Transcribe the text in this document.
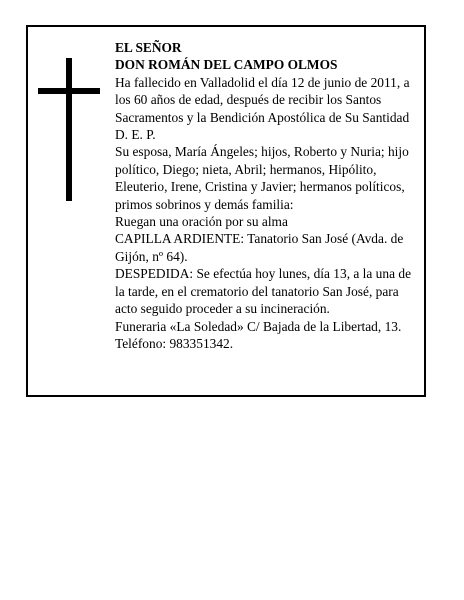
EL SEÑOR

DON ROMÁN DEL CAMPO OLMOS

Ha fallecido en Valladolid el día 12 de junio de 2011, a los 60 años de edad, después de recibir los Santos Sacramentos y la Bendición Apostólica de Su Santidad D. E. P.

Su esposa, María Ángeles; hijos, Roberto y Nuria; hijo político, Diego; nieta, Abril; hermanos, Hipólito, Eleuterio, Irene, Cristina y Javier; hermanos políticos, primos sobrinos y demás familia:

Ruegan una oración por su alma

CAPILLA ARDIENTE: Tanatorio San José (Avda. de Gijón, nº 64).

DESPEDIDA: Se efectúa hoy lunes, día 13, a la una de la tarde, en el crematorio del tanatorio San José, para acto seguido proceder a su incineración.

Funeraria «La Soledad» C/ Bajada de la Libertad, 13. Teléfono: 983351342.
